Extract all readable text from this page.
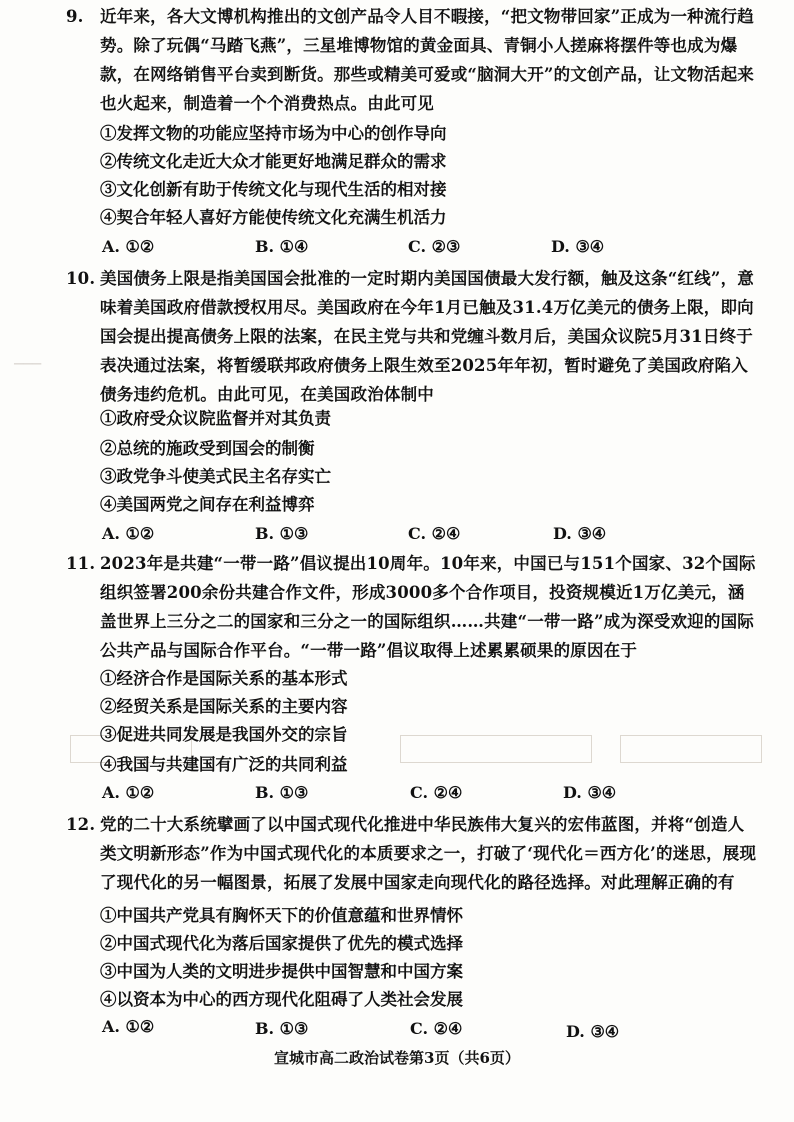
───
9. 近年来，各大文博机构推出的文创产品令人目不暇接，“把文物带回家”正成为一种流行趋势。除了玩偶“马踏飞燕”，三星堆博物馆的黄金面具、青铜小人搓麻将摆件等也成为爆款，在网络销售平台卖到断货。那些或精美可爱或“脑洞大开”的文创产品，让文物活起来也火起来，制造着一个个消费热点。由此可见
①发挥文物的功能应坚持市场为中心的创作导向
②传统文化走近大众才能更好地满足群众的需求
③文化创新有助于传统文化与现代生活的相对接
④契合年轻人喜好方能使传统文化充满生机活力
A. ①②	B. ①④	C. ②③	D. ③④
10. 美国债务上限是指美国国会批准的一定时期内美国国债最大发行额，触及这条“红线”，意味着美国政府借款授权用尽。美国政府在今年1月已触及31.4万亿美元的债务上限，即向国会提出提高债务上限的法案，在民主党与共和党缠斗数月后，美国众议院5月31日终于表决通过法案，将暂缓联邦政府债务上限生效至2025年年初，暂时避免了美国政府陷入债务违约危机。由此可见，在美国政治体制中
①政府受众议院监督并对其负责
②总统的施政受到国会的制衡
③政党争斗使美式民主名存实亡
④美国两党之间存在利益博弈
A. ①②	B. ①③	C. ②④	D. ③④
11. 2023年是共建“一带一路”倡议提出10周年。10年来，中国已与151个国家、32个国际组织签署200余份共建合作文件，形成3000多个合作项目，投资规模近1万亿美元，涵盖世界上三分之二的国家和三分之一的国际组织……共建“一带一路”成为深受欢迎的国际公共产品与国际合作平台。“一带一路”倡议取得上述累累硕果的原因在于
①经济合作是国际关系的基本形式
②经贸关系是国际关系的主要内容
③促进共同发展是我国外交的宗旨
④我国与共建国有广泛的共同利益
A. ①②	B. ①③	C. ②④	D. ③④
12. 党的二十大系统擘画了以中国式现代化推进中华民族伟大复兴的宏伟蓝图，并将“创造人类文明新形态”作为中国式现代化的本质要求之一，打破了‘现代化＝西方化’的迷思，展现了现代化的另一幅图景，拓展了发展中国家走向现代化的路径选择。对此理解正确的有
①中国共产党具有胸怀天下的价值意蕴和世界情怀
②中国式现代化为落后国家提供了优先的模式选择
③中国为人类的文明进步提供中国智慧和中国方案
④以资本为中心的西方现代化阻碍了人类社会发展
A. ①②	B. ①③	C. ②④	D. ③④
宣城市高二政治试卷第3页（共6页）
